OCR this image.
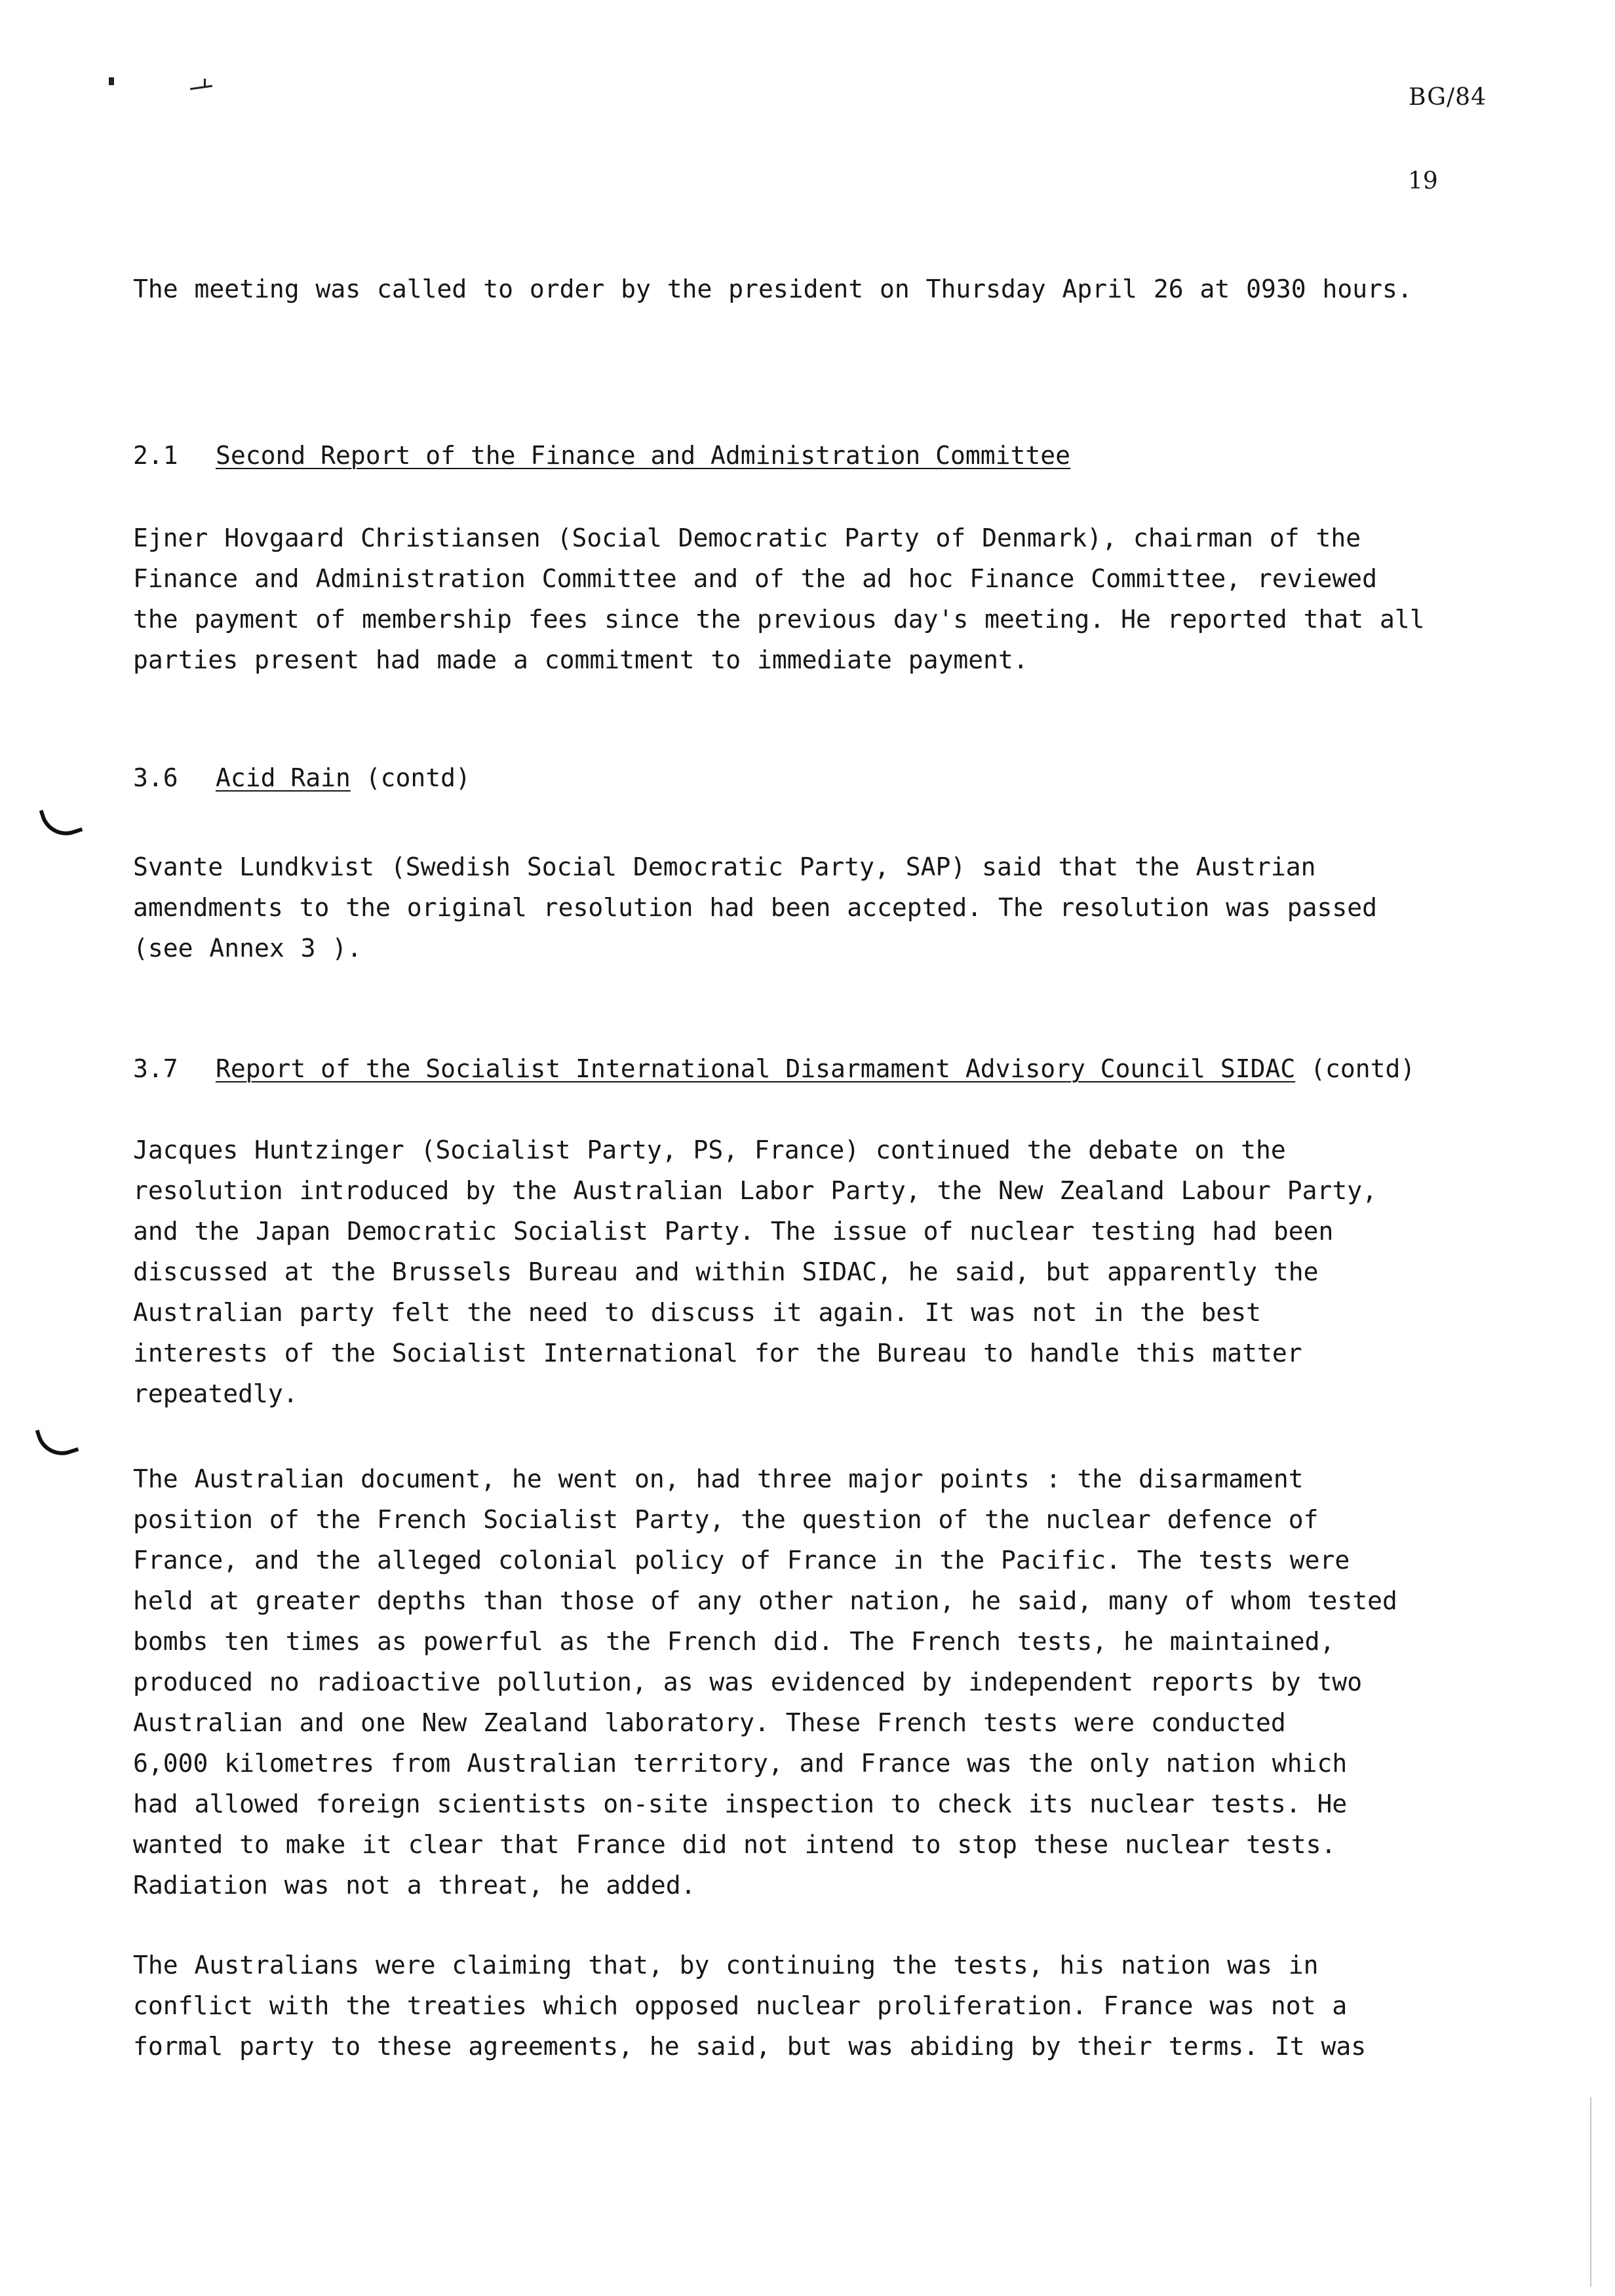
BG/84
19
The meeting was called to order by the president on Thursday April 26 at 0930 hours.
2.1 Second Report of the Finance and Administration Committee
Ejner Hovgaard Christiansen (Social Democratic Party of Denmark), chairman of the
Finance and Administration Committee and of the ad hoc Finance Committee, reviewed
the payment of membership fees since the previous day's meeting. He reported that all
parties present had made a commitment to immediate payment.
3.6 Acid Rain (contd)
Svante Lundkvist (Swedish Social Democratic Party, SAP) said that the Austrian
amendments to the original resolution had been accepted. The resolution was passed
(see Annex 3 ).
3.7 Report of the Socialist International Disarmament Advisory Council SIDAC (contd)
Jacques Huntzinger (Socialist Party, PS, France) continued the debate on the
resolution introduced by the Australian Labor Party, the New Zealand Labour Party,
and the Japan Democratic Socialist Party. The issue of nuclear testing had been
discussed at the Brussels Bureau and within SIDAC, he said, but apparently the
Australian party felt the need to discuss it again. It was not in the best
interests of the Socialist International for the Bureau to handle this matter
repeatedly.
The Australian document, he went on, had three major points : the disarmament
position of the French Socialist Party, the question of the nuclear defence of
France, and the alleged colonial policy of France in the Pacific. The tests were
held at greater depths than those of any other nation, he said, many of whom tested
bombs ten times as powerful as the French did. The French tests, he maintained,
produced no radioactive pollution, as was evidenced by independent reports by two
Australian and one New Zealand laboratory. These French tests were conducted
6,000 kilometres from Australian territory, and France was the only nation which
had allowed foreign scientists on-site inspection to check its nuclear tests. He
wanted to make it clear that France did not intend to stop these nuclear tests.
Radiation was not a threat, he added.
The Australians were claiming that, by continuing the tests, his nation was in
conflict with the treaties which opposed nuclear proliferation. France was not a
formal party to these agreements, he said, but was abiding by their terms. It was
